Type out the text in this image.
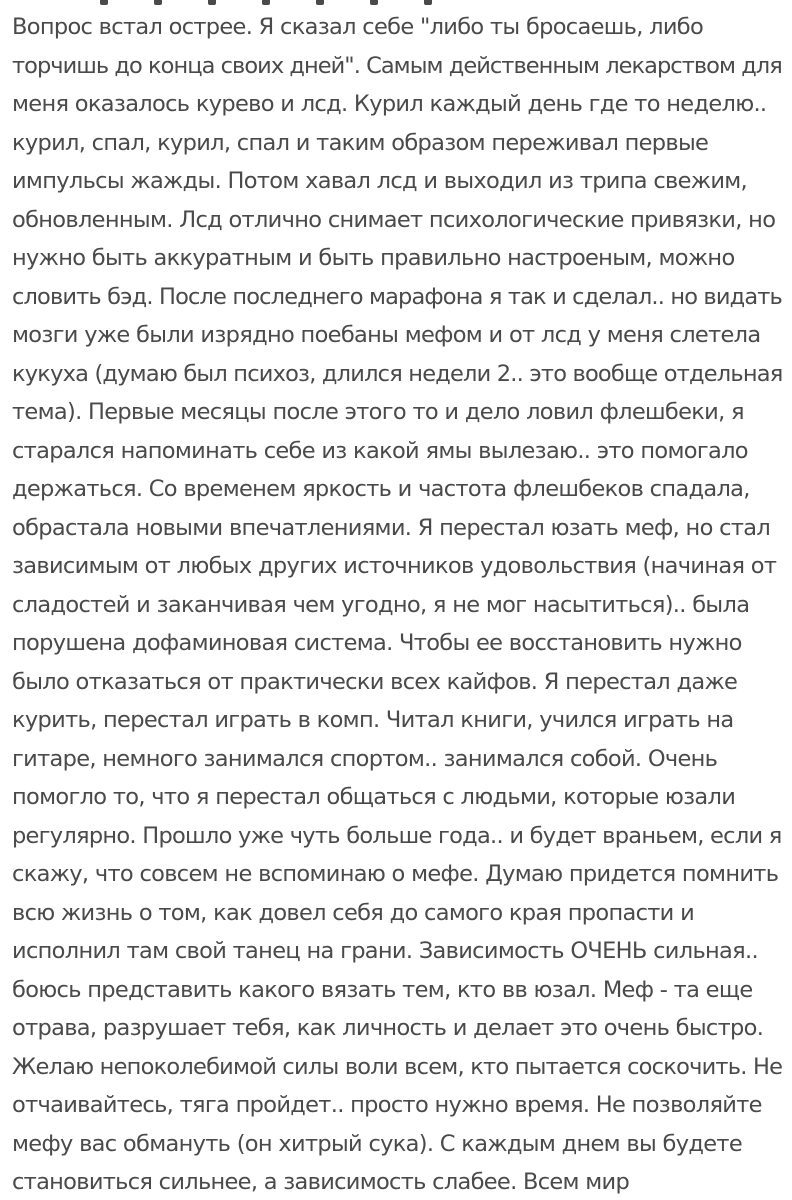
Вопрос встал острее. Я сказал себе "либо ты бросаешь, либо
торчишь до конца своих дней". Самым действенным лекарством для
меня оказалось курево и лсд. Курил каждый день где то неделю..
курил, спал, курил, спал и таким образом переживал первые
импульсы жажды. Потом хавал лсд и выходил из трипа свежим,
обновленным. Лсд отлично снимает психологические привязки, но
нужно быть аккуратным и быть правильно настроеным, можно
словить бэд. После последнего марафона я так и сделал.. но видать
мозги уже были изрядно поебаны мефом и от лсд у меня слетела
кукуха (думаю был психоз, длился недели 2.. это вообще отдельная
тема). Первые месяцы после этого то и дело ловил флешбеки, я
старался напоминать себе из какой ямы вылезаю.. это помогало
держаться. Со временем яркость и частота флешбеков спадала,
обрастала новыми впечатлениями. Я перестал юзать меф, но стал
зависимым от любых других источников удовольствия (начиная от
сладостей и заканчивая чем угодно, я не мог насытиться).. была
порушена дофаминовая система. Чтобы ее восстановить нужно
было отказаться от практически всех кайфов. Я перестал даже
курить, перестал играть в комп. Читал книги, учился играть на
гитаре, немного занимался спортом.. занимался собой. Очень
помогло то, что я перестал общаться с людьми, которые юзали
регулярно. Прошло уже чуть больше года.. и будет враньем, если я
скажу, что совсем не вспоминаю о мефе. Думаю придется помнить
всю жизнь о том, как довел себя до самого края пропасти и
исполнил там свой танец на грани. Зависимость ОЧЕНЬ сильная..
боюсь представить какого вязать тем, кто вв юзал. Меф - та еще
отрава, разрушает тебя, как личность и делает это очень быстро.
Желаю непоколебимой силы воли всем, кто пытается соскочить. Не
отчаивайтесь, тяга пройдет.. просто нужно время. Не позволяйте
мефу вас обмануть (он хитрый сука). С каждым днем вы будете
становиться сильнее, а зависимость слабее. Всем мир
